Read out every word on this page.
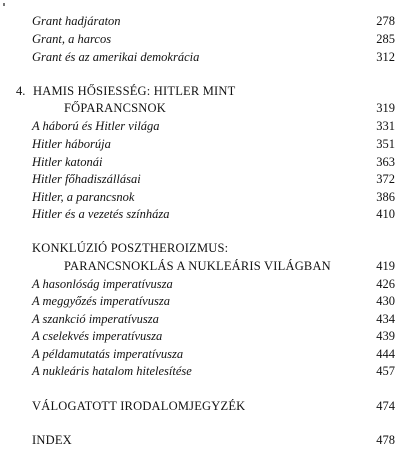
Grant hadjáraton	278
Grant, a harcos	285
Grant és az amerikai demokrácia	312
4. HAMIS HŐSIESSÉG: HITLER MINT
FŐPARANCSNOK	319
A háború és Hitler világa	331
Hitler háborúja	351
Hitler katonái	363
Hitler főhadiszállásai	372
Hitler, a parancsnok	386
Hitler és a vezetés színháza	410
KONKLÚZIÓ POSZTHEROIZMUS:
PARANCSNOKLÁS A NUKLEÁRIS VILÁGBAN	419
A hasonlóság imperatívusza	426
A meggyőzés imperatívusza	430
A szankció imperatívusza	434
A cselekvés imperatívusza	439
A példamutatás imperatívusza	444
A nukleáris hatalom hitelesítése	457
VÁLOGATOTT IRODALOMJEGYZÉK	474
INDEX	478
